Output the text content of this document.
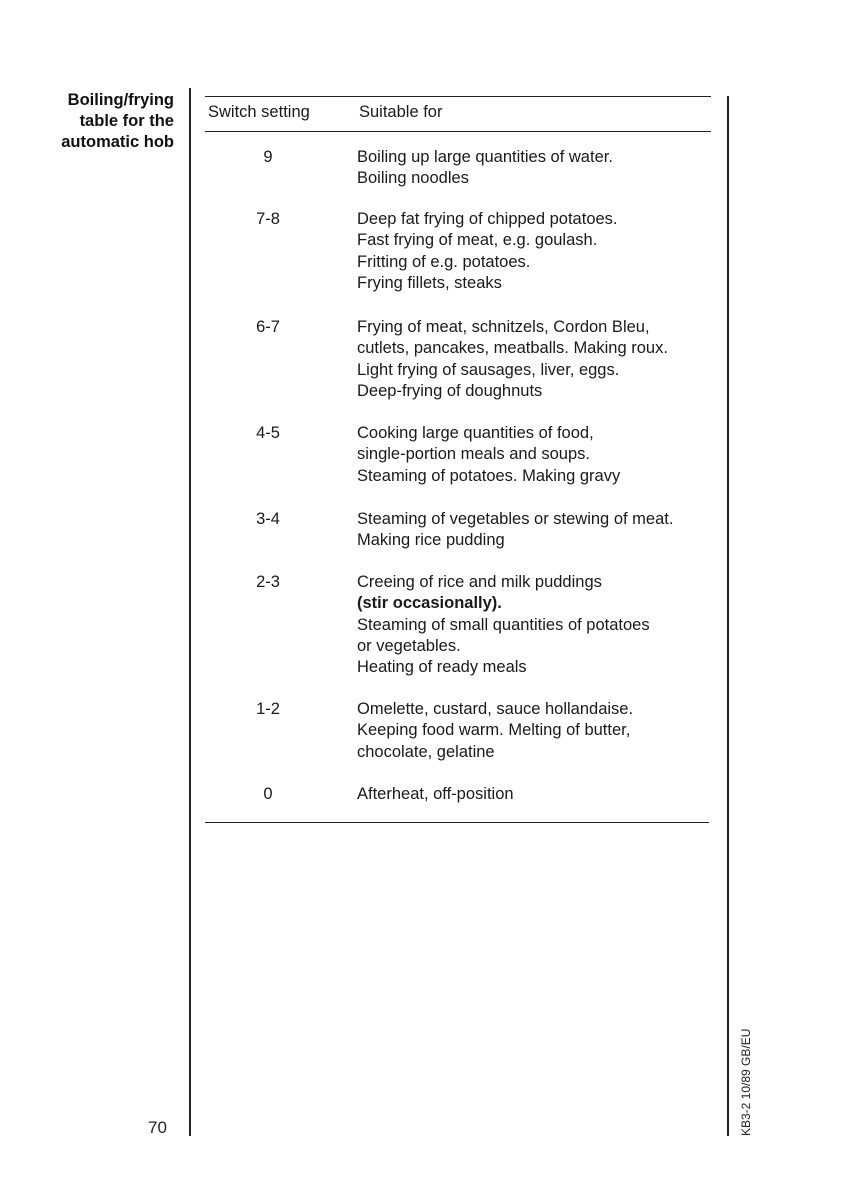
Boiling/frying
table for the
automatic hob
Switch setting	Suitable for
9	Boiling up large quantities of water.
Boiling noodles
7-8	Deep fat frying of chipped potatoes.
Fast frying of meat, e.g. goulash.
Fritting of e.g. potatoes.
Frying fillets, steaks
6-7	Frying of meat, schnitzels, Cordon Bleu,
cutlets, pancakes, meatballs. Making roux.
Light frying of sausages, liver, eggs.
Deep-frying of doughnuts
4-5	Cooking large quantities of food,
single-portion meals and soups.
Steaming of potatoes. Making gravy
3-4	Steaming of vegetables or stewing of meat.
Making rice pudding
2-3	Creeing of rice and milk puddings
(stir occasionally).
Steaming of small quantities of potatoes
or vegetables.
Heating of ready meals
1-2	Omelette, custard, sauce hollandaise.
Keeping food warm. Melting of butter,
chocolate, gelatine
0	Afterheat, off-position
70	KB3-2 10/89 GB/EU
